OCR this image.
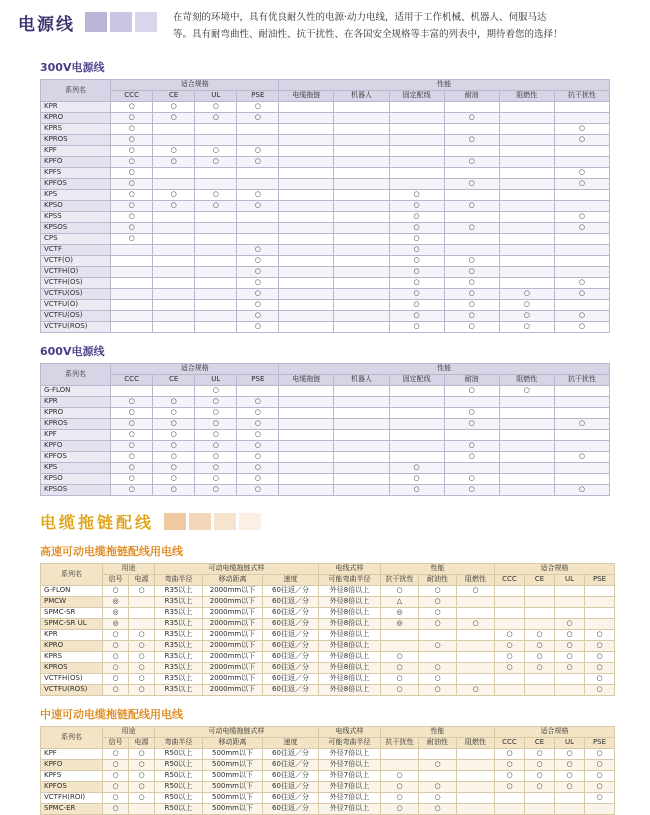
电源线	在苛刻的环境中，具有优良耐久性的电源·动力电线，适用于工作机械、机器人、伺服马达
等。具有耐弯曲性、耐油性、抗干扰性、在各国安全规格等丰富的列表中，期待着您的选择！
300V电源线
系列名	适合规格				性能					
	CCC	CE	UL	PSE	电缆拖链	机器人	固定配线	耐油	阻燃性	抗干扰性
KPR	○	○	○	○						
KPRO	○	○	○	○				○		
KPRS	○									○
KPROS	○							○		○
KPF	○	○	○	○						
KPFO	○	○	○	○				○		
KPFS	○									○
KPFOS	○							○		○
KPS	○	○	○	○			○			
KPSO	○	○	○	○			○	○		
KPSS	○						○			○
KPSOS	○						○	○		○
CPS	○						○			
VCTF				○			○			
VCTF(O)				○			○	○		
VCTFH(O)				○			○	○		
VCTFH(OS)				○			○	○		○
VCTFU(OS)				○			○	○	○	○
VCTFU(O)				○			○	○	○	
VCTFU(OS)				○			○	○	○	○
VCTFU(ROS)				○			○	○	○	○
600V电源线
系列名	适合规格				性能					
	CCC	CE	UL	PSE	电缆拖链	机器人	固定配线	耐油	阻燃性	抗干扰性
G-FLON			○					○	○	
KPR	○	○	○	○						
KPRO	○	○	○	○				○		
KPROS	○	○	○	○				○		○
KPF	○	○	○	○						
KPFO	○	○	○	○				○		
KPFOS	○	○	○	○				○		○
KPS	○	○	○	○			○			
KPSO	○	○	○	○			○	○		
KPSOS	○	○	○	○			○	○		○
电缆拖链配线
高速可动电缆拖链配线用电线
系列名	用途		可动电缆拖链式样			电线式样	性能			适合规格			
	信号	电源	弯曲半径	移动距离	速度	可能弯曲半径	抗干扰性	耐油性	阻燃性	CCC	CE	UL	PSE
G-FLON	○	○	R35以上	2000mm以下	60往返／分	外径8倍以上	○	○	○				
PMCW	◎		R35以上	2000mm以下	60往返／分	外径8倍以上	△	○					
SPMC-SR	◎		R35以上	2000mm以下	60往返／分	外径8倍以上	◎	○					
SPMC-SR UL	◎		R35以上	2000mm以下	60往返／分	外径8倍以上	◎	○	○			○	
KPR	○	○	R35以上	2000mm以下	60往返／分	外径8倍以上				○	○	○	○
KPRO	○	○	R35以上	2000mm以下	60往返／分	外径8倍以上		○		○	○	○	○
KPRS	○	○	R35以上	2000mm以下	60往返／分	外径8倍以上	○			○	○	○	○
KPROS	○	○	R35以上	2000mm以下	60往返／分	外径8倍以上	○	○		○	○	○	○
VCTFH(OS)	○	○	R35以上	2000mm以下	60往返／分	外径8倍以上	○	○					○
VCTFU(ROS)	○	○	R35以上	2000mm以下	60往返／分	外径8倍以上	○	○	○				○
中速可动电缆拖链配线用电线
系列名	用途		可动电缆拖链式样			电线式样	性能			适合规格			
	信号	电源	弯曲半径	移动距离	速度	可能弯曲半径	抗干扰性	耐油性	阻燃性	CCC	CE	UL	PSE
KPF	○	○	R50以上	500mm以下	60往返／分	外径7倍以上				○	○	○	○
KPFO	○	○	R50以上	500mm以下	60往返／分	外径7倍以上		○		○	○	○	○
KPFS	○	○	R50以上	500mm以下	60往返／分	外径7倍以上	○			○	○	○	○
KPFOS	○	○	R50以上	500mm以下	60往返／分	外径7倍以上	○	○		○	○	○	○
VCTFH(ROI)	○	○	R50以上	500mm以下	60往返／分	外径7倍以上	○	○					○
SPMC-ER	○		R50以上	500mm以下	60往返／分	外径7倍以上	○	○					
